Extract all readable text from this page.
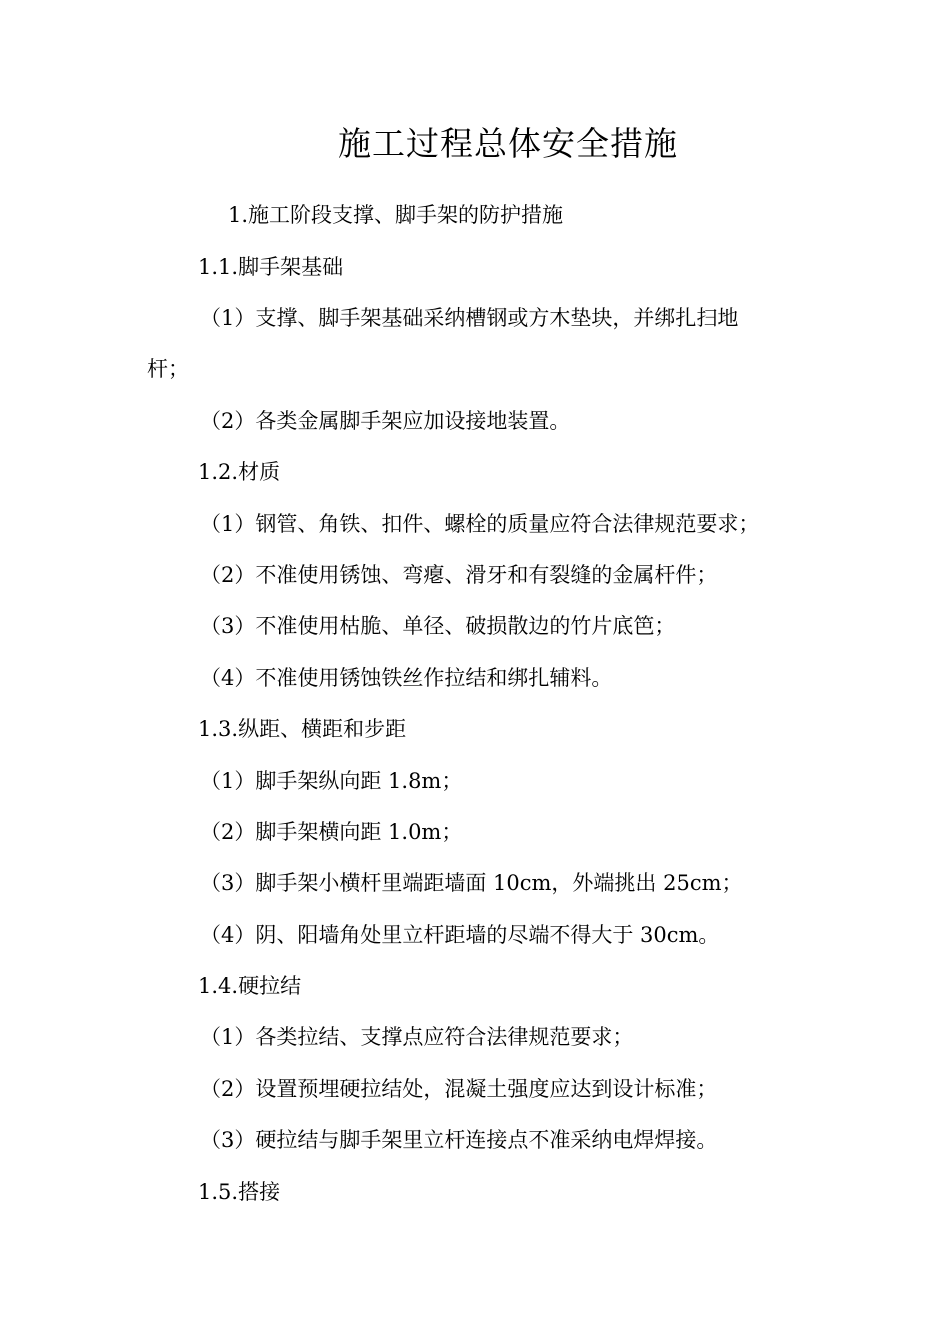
施工过程总体安全措施
1.施工阶段支撑、脚手架的防护措施
1.1.脚手架基础
（1）支撑、脚手架基础采纳槽钢或方木垫块，并绑扎扫地
杆；
（2）各类金属脚手架应加设接地装置。
1.2.材质
（1）钢管、角铁、扣件、螺栓的质量应符合法律规范要求；
（2）不准使用锈蚀、弯瘪、滑牙和有裂缝的金属杆件；
（3）不准使用枯脆、单径、破损散边的竹片底笆；
（4）不准使用锈蚀铁丝作拉结和绑扎辅料。
1.3.纵距、横距和步距
（1）脚手架纵向距 1.8m；
（2）脚手架横向距 1.0m；
（3）脚手架小横杆里端距墙面 10cm，外端挑出 25cm；
（4）阴、阳墙角处里立杆距墙的尽端不得大于 30cm。
1.4.硬拉结
（1）各类拉结、支撑点应符合法律规范要求；
（2）设置预埋硬拉结处，混凝土强度应达到设计标准；
（3）硬拉结与脚手架里立杆连接点不准采纳电焊焊接。
1.5.搭接
